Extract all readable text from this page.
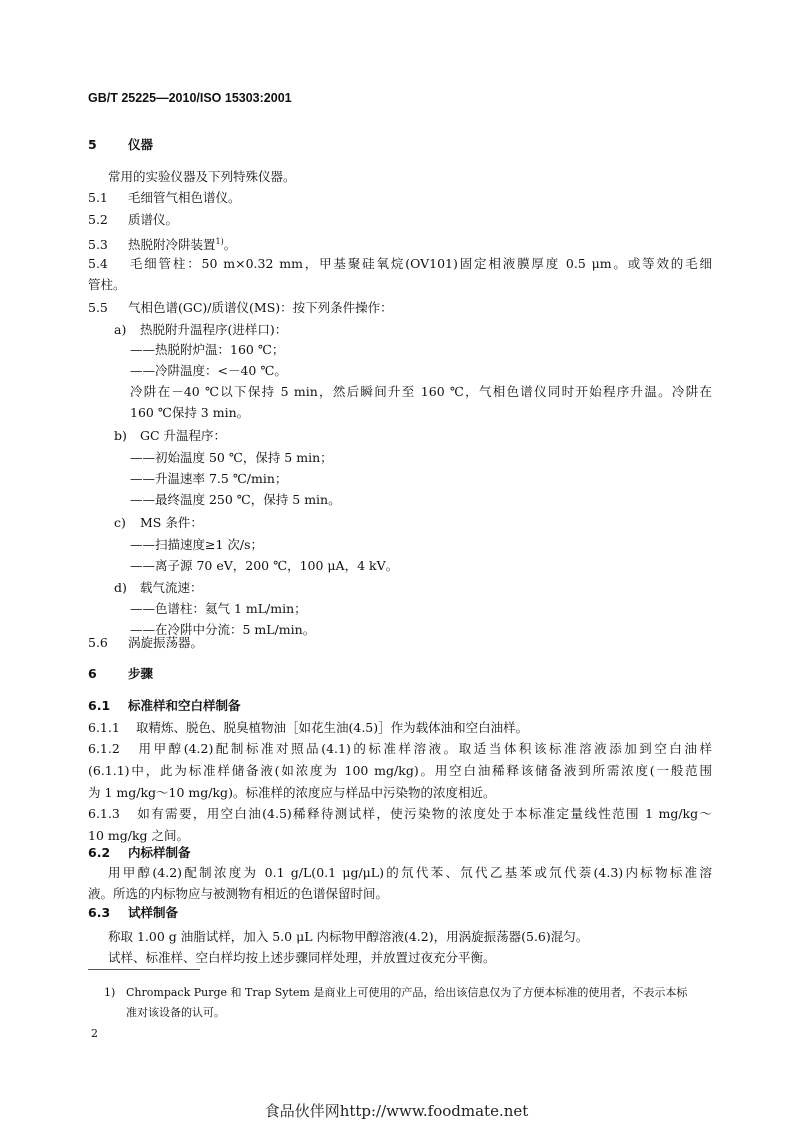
GB/T 25225—2010/ISO 15303:2001
5	仪器
常用的实验仪器及下列特殊仪器。
5.1 毛细管气相色谱仪。
5.2 质谱仪。
5.3 热脱附冷阱装置$^{1)}$。
5.4 毛细管柱：50 m×0.32 mm，甲基聚硅氧烷(OV101)固定相液膜厚度 0.5 μm。或等效的毛细
管柱。
5.5 气相色谱(GC)/质谱仪(MS)：按下列条件操作：
a) 热脱附升温程序(进样口)：
——热脱附炉温：160 ℃；
——冷阱温度：<－40 ℃。
冷阱在－40 ℃以下保持 5 min，然后瞬间升至 160 ℃，气相色谱仪同时开始程序升温。冷阱在
160 ℃保持 3 min。
b) GC 升温程序：
——初始温度 50 ℃，保持 5 min；
——升温速率 7.5 ℃/min；
——最终温度 250 ℃，保持 5 min。
c) MS 条件：
——扫描速度≥1 次/s；
——离子源 70 eV，200 ℃，100 μA，4 kV。
d) 载气流速：
——色谱柱：氦气 1 mL/min；
——在冷阱中分流：5 mL/min。
5.6 涡旋振荡器。
6	步骤
6.1 标准样和空白样制备
6.1.1 取精炼、脱色、脱臭植物油［如花生油(4.5)］作为载体油和空白油样。
6.1.2 用甲醇(4.2)配制标准对照品(4.1)的标准样溶液。取适当体积该标准溶液添加到空白油样
(6.1.1)中，此为标准样储备液(如浓度为 100 mg/kg)。用空白油稀释该储备液到所需浓度(一般范围
为 1 mg/kg～10 mg/kg)。标准样的浓度应与样品中污染物的浓度相近。
6.1.3 如有需要，用空白油(4.5)稀释待测试样，使污染物的浓度处于本标准定量线性范围 1 mg/kg～
10 mg/kg 之间。
6.2 内标样制备
用甲醇(4.2)配制浓度为 0.1 g/L(0.1 μg/μL)的氘代苯、氘代乙基苯或氘代萘(4.3)内标物标准溶
液。所选的内标物应与被测物有相近的色谱保留时间。
6.3 试样制备
称取 1.00 g 油脂试样，加入 5.0 μL 内标物甲醇溶液(4.2)，用涡旋振荡器(5.6)混匀。
试样、标准样、空白样均按上述步骤同样处理，并放置过夜充分平衡。
1) Chrompack Purge 和 Trap Sytem 是商业上可使用的产品，给出该信息仅为了方便本标准的使用者，不表示本标
准对该设备的认可。
2
食品伙伴网http://www.foodmate.net
